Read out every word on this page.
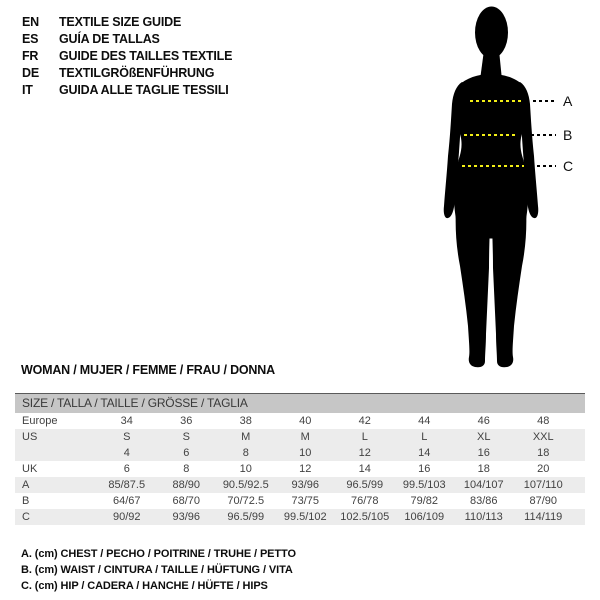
EN	TEXTILE SIZE GUIDE
ES	GUÍA DE TALLAS
FR	GUIDE DES TAILLES TEXTILE
DE	TEXTILGRÖßENFÜHRUNG
IT	GUIDA ALLE TAGLIE TESSILI
A
B
C
WOMAN / MUJER / FEMME / FRAU / DONNA
SIZE / TALLA / TAILLE / GRÖSSE / TAGLIA
Europe	34	36	38	40	42	44	46	48	
US	S	S	M	M	L	L	XL	XXL	
	4	6	8	10	12	14	16	18	
UK	6	8	10	12	14	16	18	20	
A	85/87.5	88/90	90.5/92.5	93/96	96.5/99	99.5/103	104/107	107/110	
B	64/67	68/70	70/72.5	73/75	76/78	79/82	83/86	87/90	
C	90/92	93/96	96.5/99	99.5/102	102.5/105	106/109	110/113	114/119	
A. (cm) CHEST / PECHO / POITRINE / TRUHE / PETTO
B. (cm) WAIST / CINTURA / TAILLE / HÜFTUNG / VITA
C. (cm) HIP / CADERA / HANCHE / HÜFTE / HIPS
